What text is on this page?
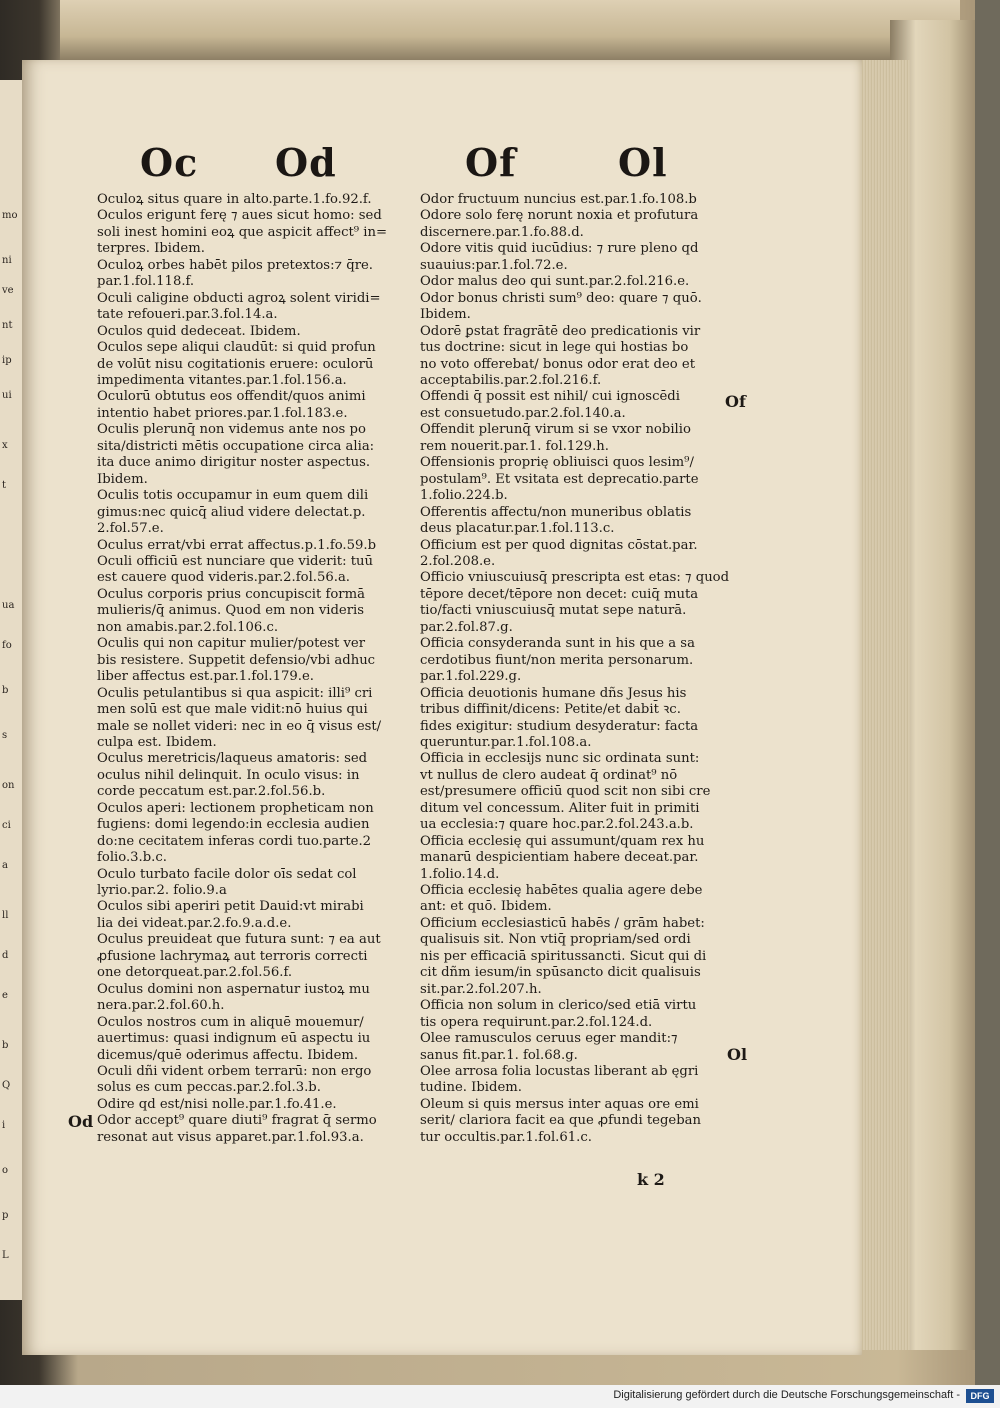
mo
ni
ve
nt
ip
ui
x
t
ua
fo
b
s
on
ci
a
ll
d
e
b
Q
i
o
p
L
Oc Od	Of	Ol
Oculoꝝ situs quare in alto.parte.1.fo.92.f.
Oculos erigunt ferę ⁊ aues sicut homo: sed
soli inest homini eoꝝ que aspicit affect⁹ in=
terpres. Ibidem.
Oculoꝝ orbes habēt pilos pretextos:⁊ q̄re.
par.1.fol.118.f.
Oculi caligine obducti agroꝝ solent viridi=
tate refoueri.par.3.fol.14.a.
Oculos quid dedeceat. Ibidem.
Oculos sepe aliqui claudūt: si quid profun
de volūt nisu cogitationis eruere: oculorū
impedimenta vitantes.par.1.fol.156.a.
Oculorū obtutus eos offendit/quos animi
intentio habet priores.par.1.fol.183.e.
Oculis plerunq̄ non videmus ante nos po
sita/districti mētis occupatione circa alia:
ita duce animo dirigitur noster aspectus.
Ibidem.
Oculis totis occupamur in eum quem dili
gimus:nec quicq̄ aliud videre delectat.p.
2.fol.57.e.
Oculus errat/vbi errat affectus.p.1.fo.59.b
Oculi officiū est nunciare que viderit: tuū
est cauere quod videris.par.2.fol.56.a.
Oculus corporis prius concupiscit formā
mulieris/q̄ animus. Quod em non videris
non amabis.par.2.fol.106.c.
Oculis qui non capitur mulier/potest ver
bis resistere. Suppetit defensio/vbi adhuc
liber affectus est.par.1.fol.179.e.
Oculis petulantibus si qua aspicit: illi⁹ cri
men solū est que male vidit:nō huius qui
male se nollet videri: nec in eo q̄ visus est/
culpa est. Ibidem.
Oculus meretricis/laqueus amatoris: sed
oculus nihil delinquit. In oculo visus: in
corde peccatum est.par.2.fol.56.b.
Oculos aperi: lectionem propheticam non
fugiens: domi legendo:in ecclesia audien
do:ne cecitatem inferas cordi tuo.parte.2
folio.3.b.c.
Oculo turbato facile dolor oīs sedat col
lyrio.par.2. folio.9.a
Oculos sibi aperiri petit Dauid:vt mirabi
lia dei videat.par.2.fo.9.a.d.e.
Oculus preuideat que futura sunt: ⁊ ea aut
ꝓfusione lachrymaꝝ aut terroris correcti
one detorqueat.par.2.fol.56.f.
Oculus domini non aspernatur iustoꝝ mu
nera.par.2.fol.60.h.
Oculos nostros cum in aliquē mouemur/
auertimus: quasi indignum eū aspectu iu
dicemus/quē oderimus affectu. Ibidem.
Oculi dñi vident orbem terrarū: non ergo
solus es cum peccas.par.2.fol.3.b.
Odire qd est/nisi nolle.par.1.fo.41.e.
Odor accept⁹ quare diuti⁹ fragrat q̄ sermo
resonat aut visus apparet.par.1.fol.93.a.
Odor fructuum nuncius est.par.1.fo.108.b
Odore solo ferę norunt noxia et profutura
discernere.par.1.fo.88.d.
Odore vitis quid iucūdius: ⁊ rure pleno qd
suauius:par.1.fol.72.e.
Odor malus deo qui sunt.par.2.fol.216.e.
Odor bonus christi sum⁹ deo: quare ⁊ quō.
Ibidem.
Odorē ꝑstat fragrātē deo predicationis vir
tus doctrine: sicut in lege qui hostias bo
no voto offerebat/ bonus odor erat deo et
acceptabilis.par.2.fol.216.f.
Offendi q̄ possit est nihil/ cui ignoscēdi
est consuetudo.par.2.fol.140.a.
Offendit plerunq̄ virum si se vxor nobilio
rem nouerit.par.1. fol.129.h.
Offensionis proprię obliuisci quos lesim⁹/
postulam⁹. Et vsitata est deprecatio.parte
1.folio.224.b.
Offerentis affectu/non muneribus oblatis
deus placatur.par.1.fol.113.c.
Officium est per quod dignitas cōstat.par.
2.fol.208.e.
Officio vniuscuiusq̄ prescripta est etas: ⁊ quod
tēpore decet/tēpore non decet: cuiq̄ muta
tio/facti vniuscuiusq̄ mutat sepe naturā.
par.2.fol.87.g.
Officia consyderanda sunt in his que a sa
cerdotibus fiunt/non merita personarum.
par.1.fol.229.g.
Officia deuotionis humane dñs Jesus his
tribus diffinit/dicens: Petite/et dabit̄ ꝛc.
fides exigitur: studium desyderatur: facta
queruntur.par.1.fol.108.a.
Officia in ecclesijs nunc sic ordinata sunt:
vt nullus de clero audeat q̄ ordinat⁹ nō
est/presumere officiū quod scit non sibi cre
ditum vel concessum. Aliter fuit in primiti
ua ecclesia:⁊ quare hoc.par.2.fol.243.a.b.
Officia ecclesię qui assumunt/quam rex hu
manarū despicientiam habere deceat.par.
1.folio.14.d.
Officia ecclesię habētes qualia agere debe
ant: et quō. Ibidem.
Officium ecclesiasticū habēs / grām habet:
qualisuis sit. Non vtiq̄ propriam/sed ordi
nis per efficaciā spiritussancti. Sicut qui di
cit dñm iesum/in spūsancto dicit qualisuis
sit.par.2.fol.207.h.
Officia non solum in clerico/sed etiā virtu
tis opera requirunt.par.2.fol.124.d.
Olee ramusculos ceruus eger mandit:⁊
sanus fit.par.1. fol.68.g.
Olee arrosa folia locustas liberant ab ęgri
tudine. Ibidem.
Oleum si quis mersus inter aquas ore emi
serit/ clariora facit ea que ꝓfundi tegeban
tur occultis.par.1.fol.61.c.
Od
Of
Ol
k 2
Digitalisierung gefördert durch die Deutsche Forschungsgemeinschaft -	DFG
